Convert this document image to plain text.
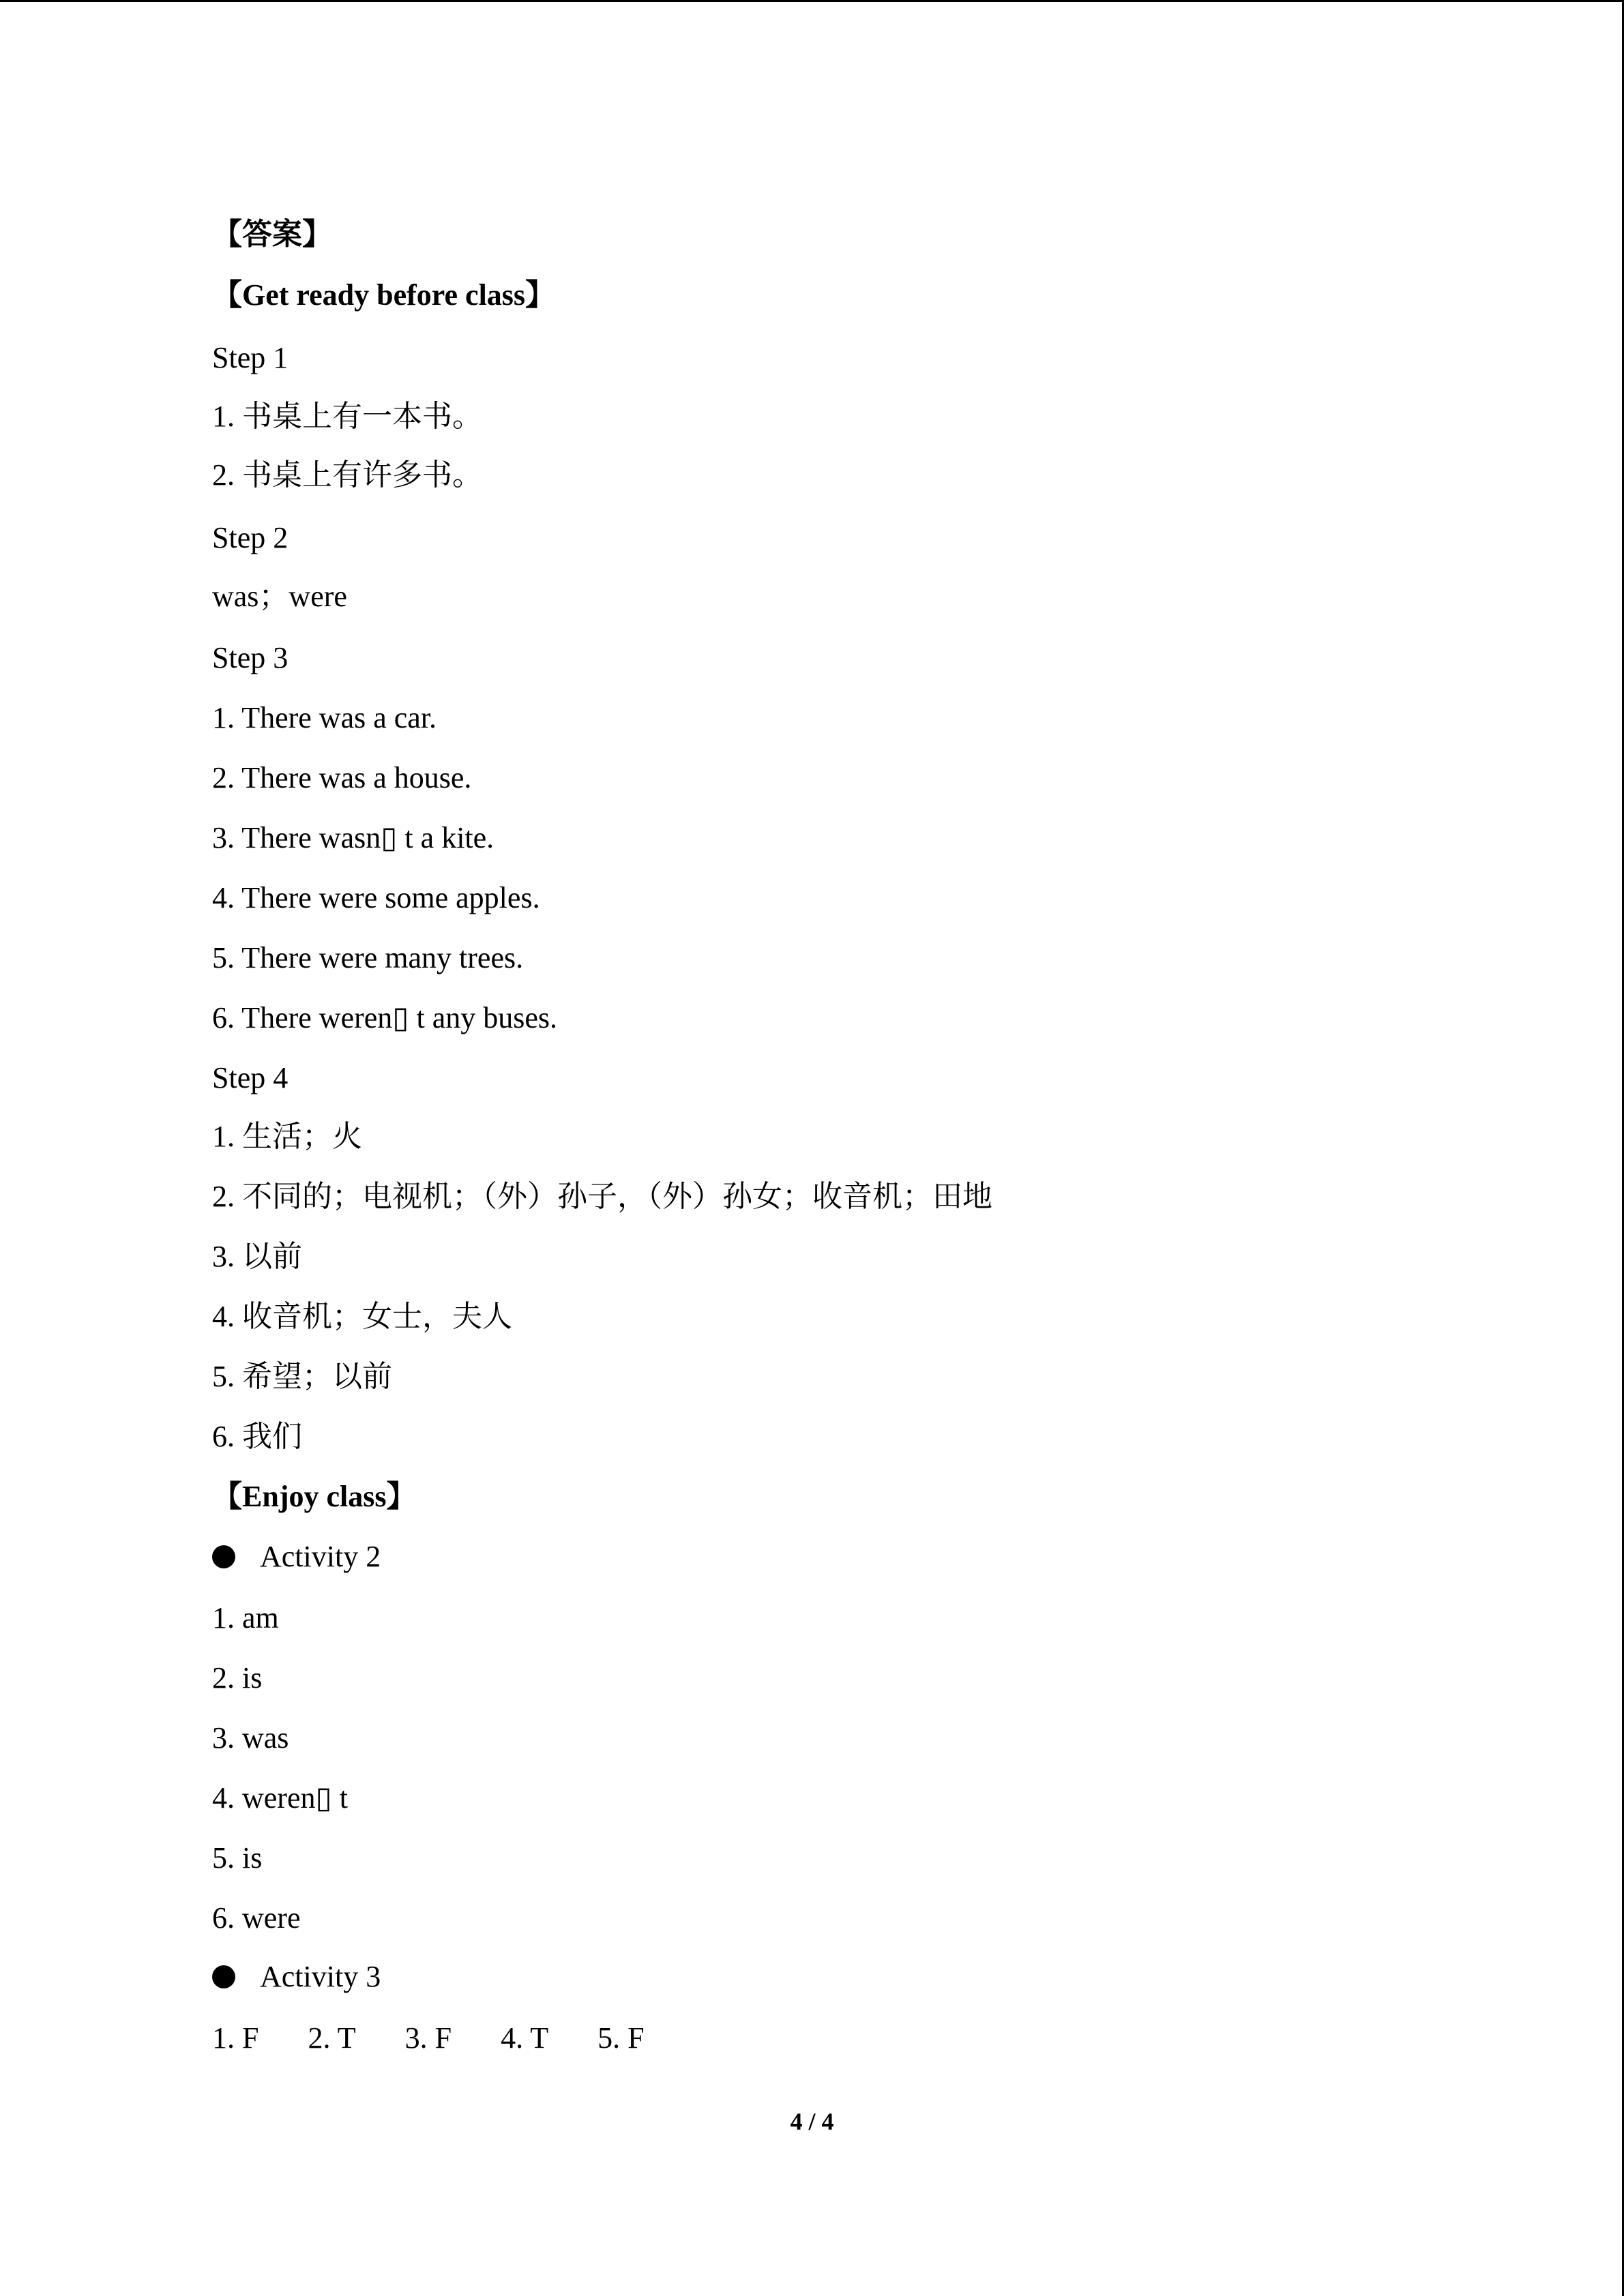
【答案】
【Get ready before class】
Step 1
1. 书桌上有一本书。
2. 书桌上有许多书。
Step 2
was；were
Step 3
1. There was a car.
2. There was a house.
3. There wasn▯ t a kite.
4. There were some apples.
5. There were many trees.
6. There weren▯ t any buses.
Step 4
1. 生活；火
2. 不同的；电视机；（外）孙子，（外）孙女；收音机；田地
3. 以前
4. 收音机；女士，夫人
5. 希望；以前
6. 我们
【Enjoy class】
Activity 2
1. am
2. is
3. was
4. weren▯ t
5. is
6. were
Activity 3
1. F 2. T 3. F 4. T 5. F
4 / 4
